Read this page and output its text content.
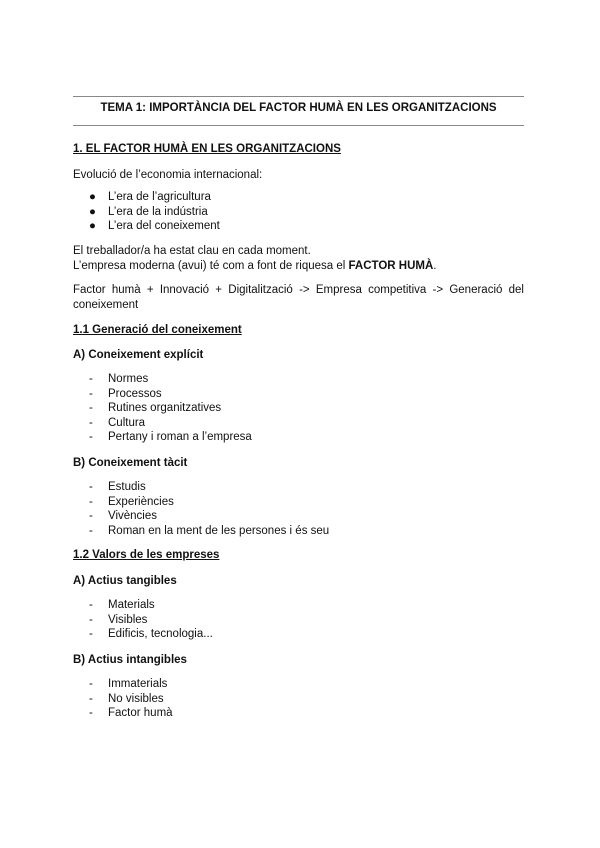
TEMA 1: IMPORTÀNCIA DEL FACTOR HUMÀ EN LES ORGANITZACIONS
1. EL FACTOR HUMÀ EN LES ORGANITZACIONS
Evolució de l’economia internacional:
● L’era de l’agricultura
● L’era de la indústria
● L’era del coneixement
El treballador/a ha estat clau en cada moment.
L’empresa moderna (avui) té com a font de riquesa el FACTOR HUMÀ.
Factor humà + Innovació + Digitalització -> Empresa competitiva -> Generació del coneixement
1.1 Generació del coneixement
A) Coneixement explícit
- Normes
- Processos
- Rutines organitzatives
- Cultura
- Pertany i roman a l’empresa
B) Coneixement tàcit
- Estudis
- Experiències
- Vivències
- Roman en la ment de les persones i és seu
1.2 Valors de les empreses
A) Actius tangibles
- Materials
- Visibles
- Edificis, tecnologia...
B) Actius intangibles
- Immaterials
- No visibles
- Factor humà
